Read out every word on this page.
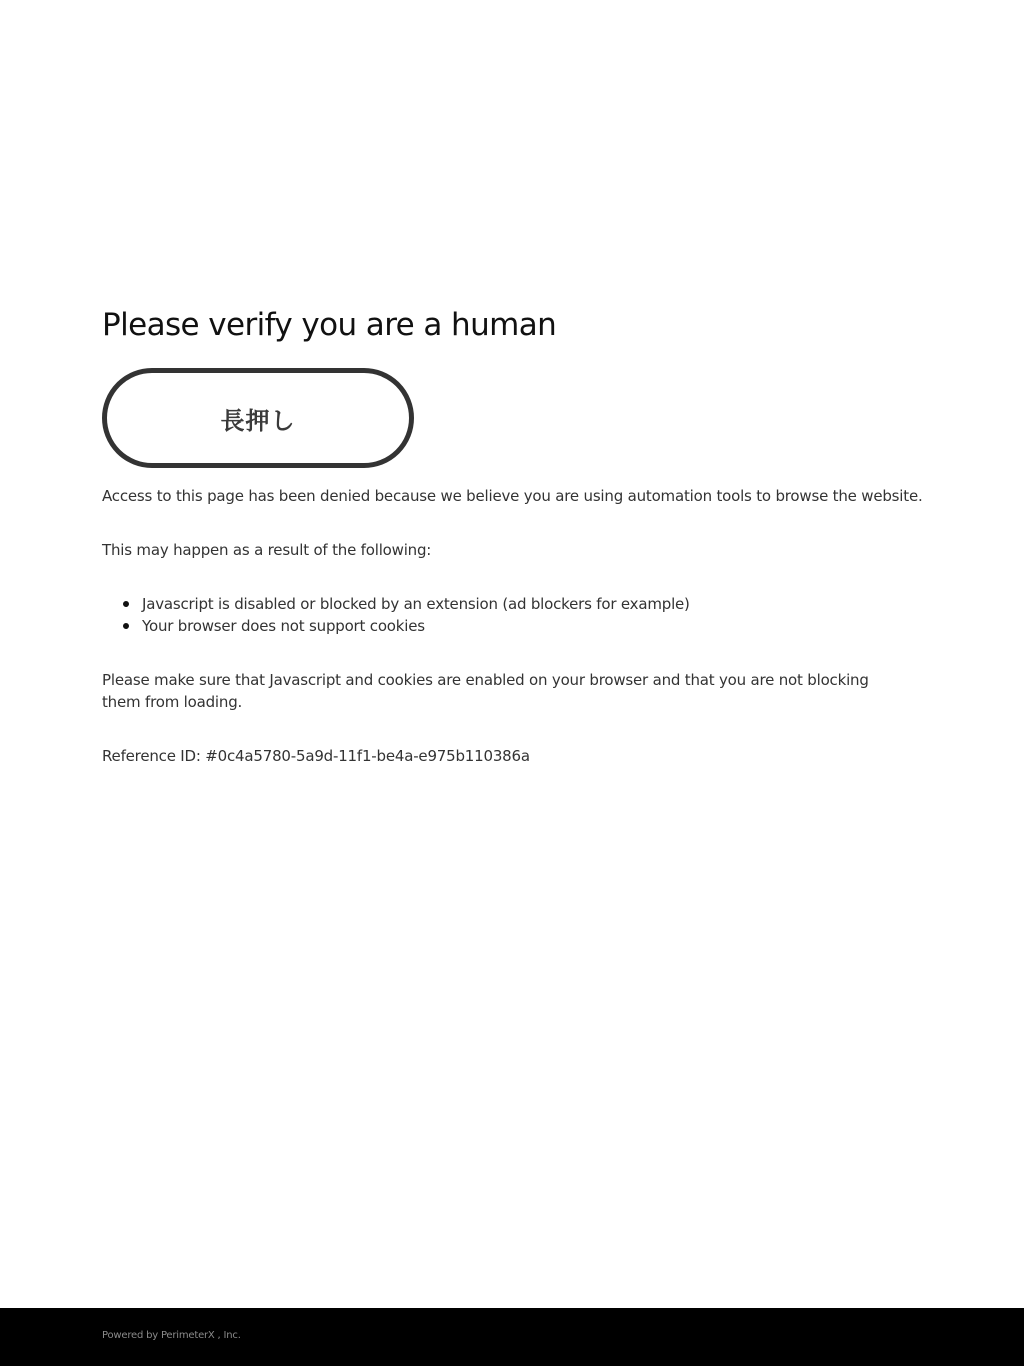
Please verify you are a human
長押し

Access to this page has been denied because we believe you are using automation tools to browse the website.

This may happen as a result of the following:

Javascript is disabled or blocked by an extension (ad blockers for example)
Your browser does not support cookies

Please make sure that Javascript and cookies are enabled on your browser and that you are not blocking them from loading.

Reference ID: #0c4a5780-5a9d-11f1-be4a-e975b110386a

Powered by PerimeterX , Inc.
